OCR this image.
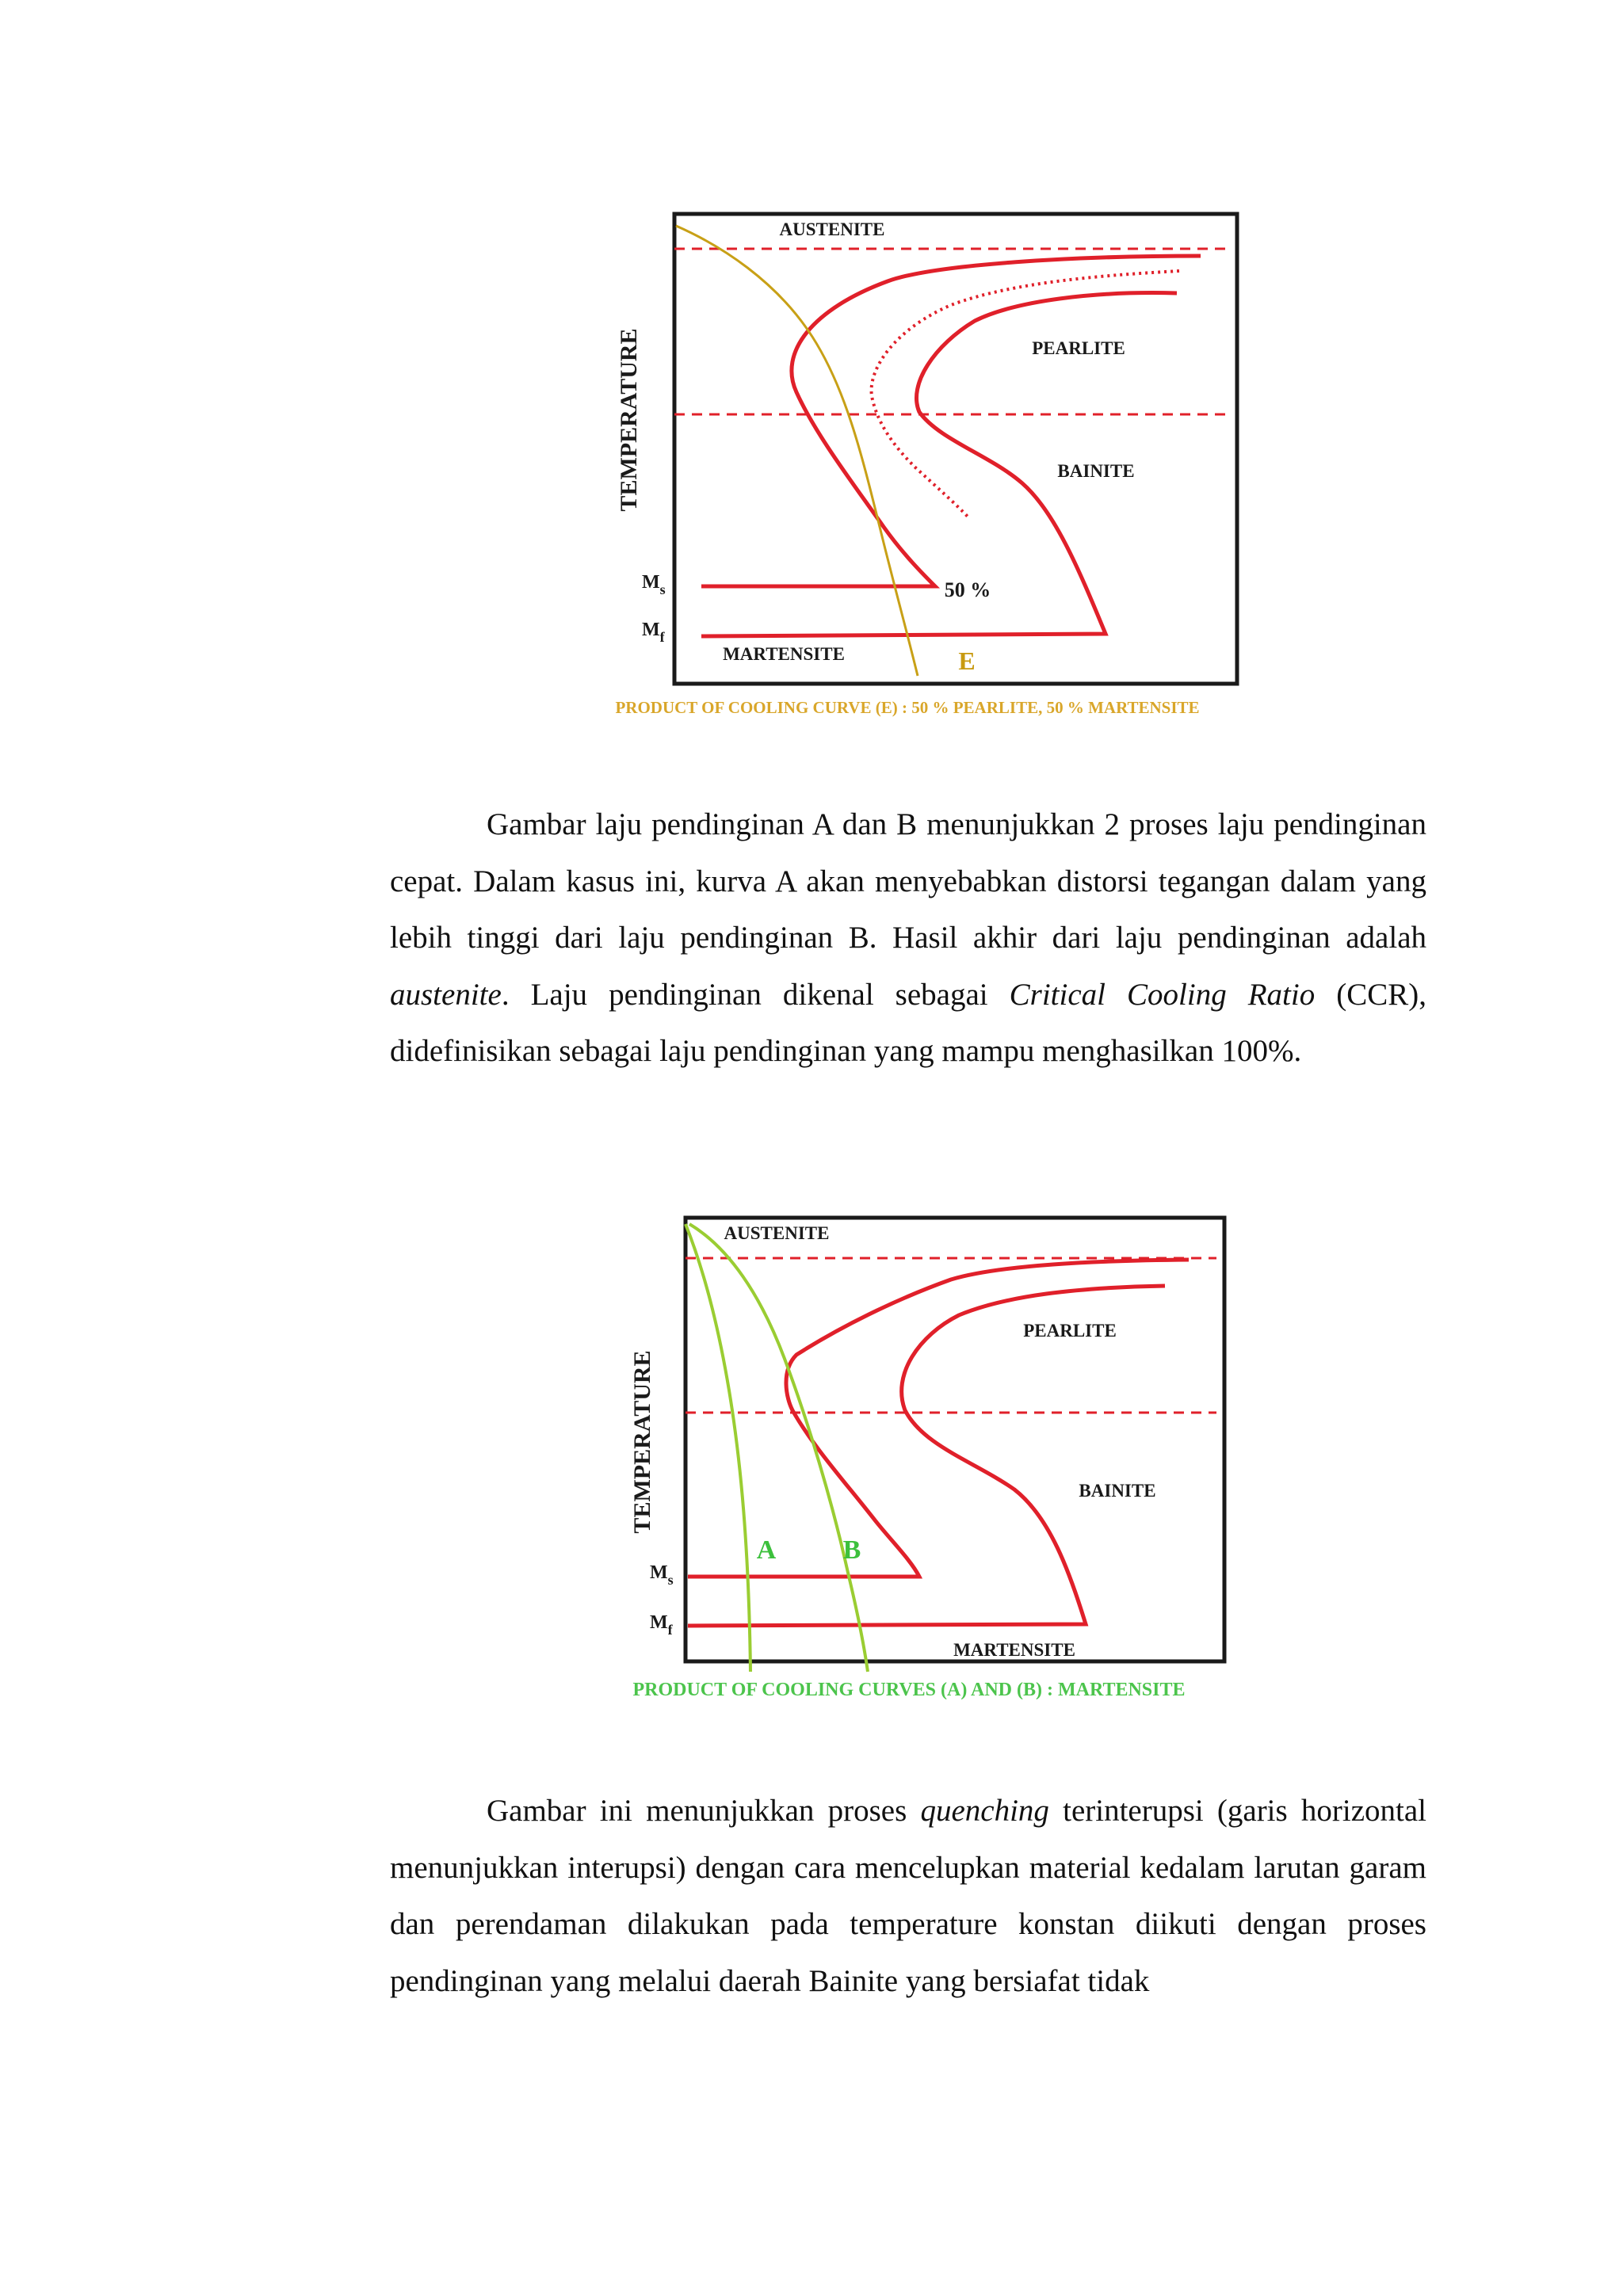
AUSTENITE
PEARLITE
BAINITE
MARTENSITE
50 %
E
TEMPERATURE
$M_s$
$M_f$
PRODUCT OF COOLING CURVE (E) : 50 % PEARLITE, 50 % MARTENSITE

Gambar laju pendinginan A dan B menunjukkan 2 proses laju pendinginan cepat. Dalam kasus ini, kurva A akan menyebabkan distorsi tegangan dalam yang lebih tinggi dari laju pendinginan B. Hasil akhir dari laju pendinginan adalah austenite. Laju pendinginan dikenal sebagai Critical Cooling Ratio (CCR), didefinisikan sebagai laju pendinginan yang mampu menghasilkan 100%.

AUSTENITE
PEARLITE
BAINITE
MARTENSITE
A B
TEMPERATURE
$M_s$
$M_f$
PRODUCT OF COOLING CURVES (A) AND (B) : MARTENSITE

Gambar ini menunjukkan proses quenching terinterupsi (garis horizontal menunjukkan interupsi) dengan cara mencelupkan material kedalam larutan garam dan perendaman dilakukan pada temperature konstan diikuti dengan proses pendinginan yang melalui daerah Bainite yang bersiafat tidak
